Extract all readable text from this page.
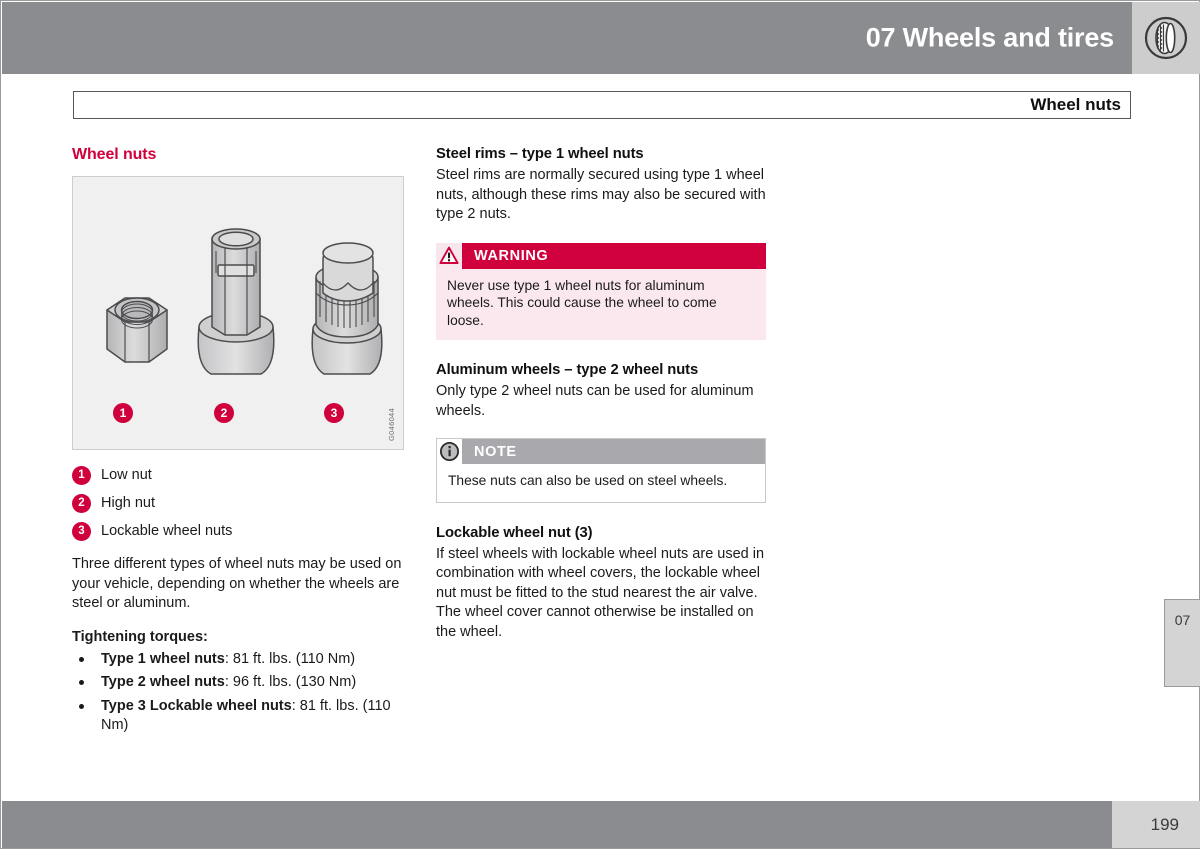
07 Wheels and tires
Wheel nuts
Wheel nuts
1	2	3	G046044
1	Low nut
2	High nut
3	Lockable wheel nuts

Three different types of wheel nuts may be used on your vehicle, depending on whether the wheels are steel or aluminum.

Tightening torques:
Type 1 wheel nuts: 81 ft. lbs. (110 Nm)
Type 2 wheel nuts: 96 ft. lbs. (130 Nm)
Type 3 Lockable wheel nuts: 81 ft. lbs. (110 Nm)
Steel rims – type 1 wheel nuts

Steel rims are normally secured using type 1 wheel nuts, although these rims may also be secured with type 2 nuts.

WARNING
Never use type 1 wheel nuts for aluminum wheels. This could cause the wheel to come loose.
Aluminum wheels – type 2 wheel nuts

Only type 2 wheel nuts can be used for aluminum wheels.

NOTE
These nuts can also be used on steel wheels.
Lockable wheel nut (3)

If steel wheels with lockable wheel nuts are used in combination with wheel covers, the lockable wheel nut must be fitted to the stud nearest the air valve. The wheel cover cannot otherwise be installed on the wheel.

07
199
